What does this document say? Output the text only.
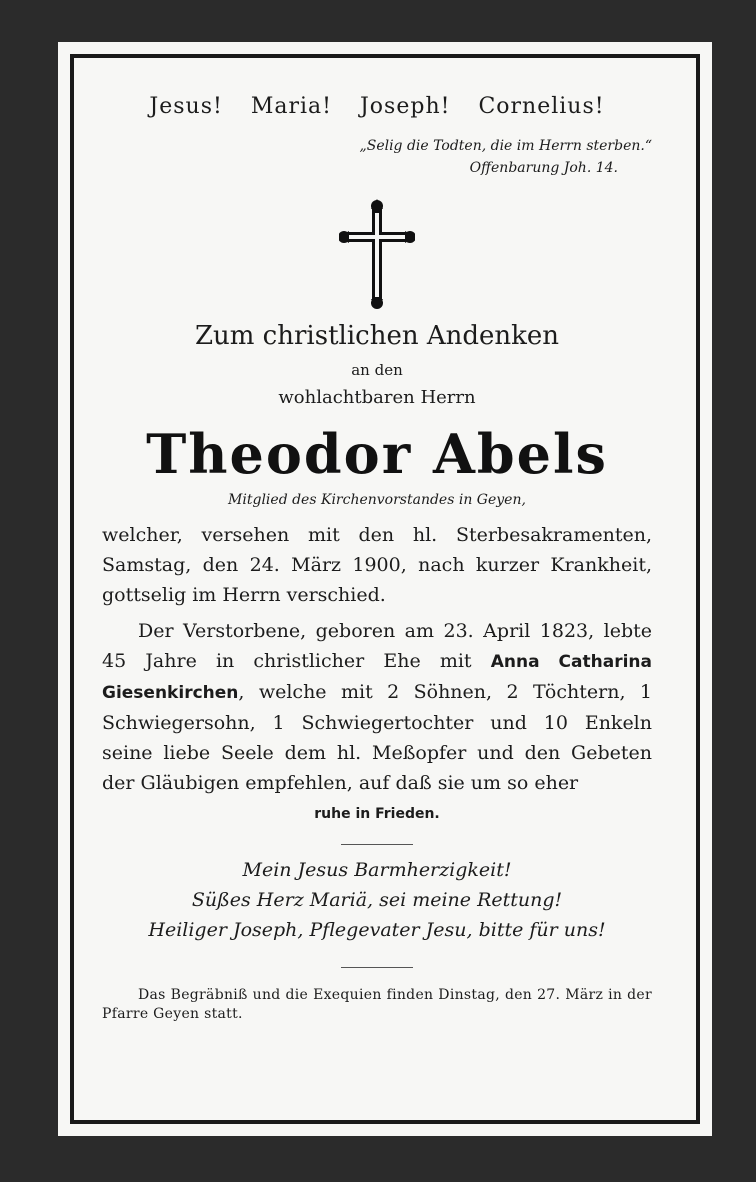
Jesus! Maria! Joseph! Cornelius!
„Selig die Todten, die im Herrn sterben.“
Offenbarung Joh. 14.
Zum christlichen Andenken
an den
wohlachtbaren Herrn
Theodor Abels
Mitglied des Kirchenvorstandes in Geyen,
welcher, versehen mit den hl. Sterbesakramenten, Samstag, den 24. März 1900, nach kurzer Krankheit, gottselig im Herrn verschied.
Der Verstorbene, geboren am 23. April 1823, lebte 45 Jahre in christlicher Ehe mit Anna Catharina Giesenkirchen, welche mit 2 Söhnen, 2 Töchtern, 1 Schwiegersohn, 1 Schwiegertochter und 10 Enkeln seine liebe Seele dem hl. Meßopfer und den Gebeten der Gläubigen empfehlen, auf daß sie um so eher
ruhe in Frieden.
Mein Jesus Barmherzigkeit!
Süßes Herz Mariä, sei meine Rettung!
Heiliger Joseph, Pflegevater Jesu, bitte für uns!
Das Begräbniß und die Exequien finden Dinstag, den 27. März in der Pfarre Geyen statt.
